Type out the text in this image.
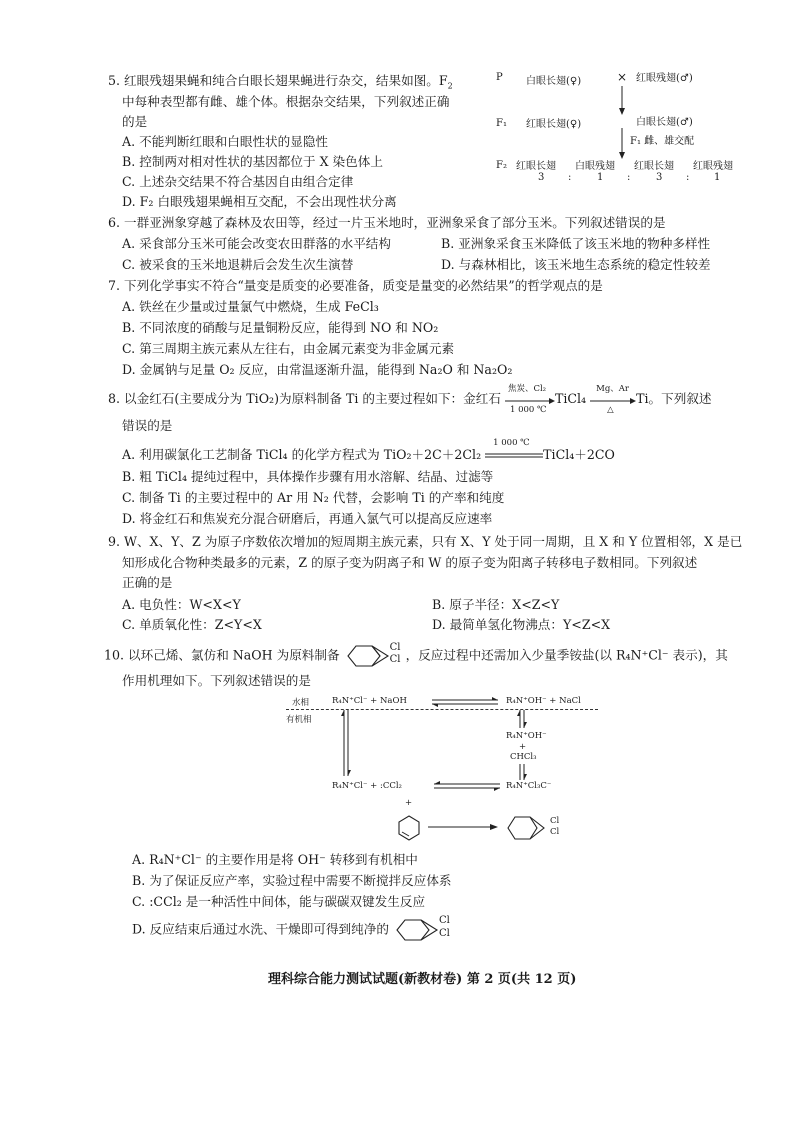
5. 红眼残翅果蝇和纯合白眼长翅果蝇进行杂交，结果如图。$F_2$
中每种表型都有雌、雄个体。根据杂交结果，下列叙述正确
的是
A. 不能判断红眼和白眼性状的显隐性
B. 控制两对相对性状的基因都位于 X 染色体上
C. 上述杂交结果不符合基因自由组合定律
D. F₂ 白眼残翅果蝇相互交配，不会出现性状分离
P 白眼长翅(♀)	× 红眼残翅(♂)
F₁ 红眼长翅(♀)	白眼长翅(♂)
F₁ 雌、雄交配
F₂ 红眼长翅 白眼残翅 红眼长翅 红眼残翅
3 :	1 :	3 : 1
6. 一群亚洲象穿越了森林及农田等，经过一片玉米地时，亚洲象采食了部分玉米。下列叙述错误的是
A. 采食部分玉米可能会改变农田群落的水平结构	B. 亚洲象采食玉米降低了该玉米地的物种多样性
C. 被采食的玉米地退耕后会发生次生演替	D. 与森林相比，该玉米地生态系统的稳定性较差
7. 下列化学事实不符合“量变是质变的必要准备，质变是量变的必然结果”的哲学观点的是
A. 铁丝在少量或过量氯气中燃烧，生成 FeCl₃
B. 不同浓度的硝酸与足量铜粉反应，能得到 NO 和 NO₂
C. 第三周期主族元素从左往右，由金属元素变为非金属元素
D. 金属钠与足量 O₂ 反应，由常温逐渐升温，能得到 Na₂O 和 Na₂O₂
8. 以金红石(主要成分为 TiO₂)为原料制备 Ti 的主要过程如下：金红石
焦炭、Cl₂
1 000 ℃
TiCl₄
Mg、Ar
△
Ti。下列叙述
错误的是
A. 利用碳氯化工艺制备 TiCl₄ 的化学方程式为 TiO₂＋2C＋2Cl₂
1 000 ℃
TiCl₄＋2CO
B. 粗 TiCl₄ 提纯过程中，具体操作步骤有用水溶解、结晶、过滤等
C. 制备 Ti 的主要过程中的 Ar 用 N₂ 代替，会影响 Ti 的产率和纯度
D. 将金红石和焦炭充分混合研磨后，再通入氯气可以提高反应速率
9. W、X、Y、Z 为原子序数依次增加的短周期主族元素，只有 X、Y 处于同一周期，且 X 和 Y 位置相邻，X 是已
知形成化合物种类最多的元素，Z 的原子变为阴离子和 W 的原子变为阳离子转移电子数相同。下列叙述
正确的是
A. 电负性：W<X<Y	B. 原子半径：X<Z<Y
C. 单质氧化性：Z<Y<X	D. 最简单氢化物沸点：Y<Z<X
10. 以环己烯、氯仿和 NaOH 为原料制备	Cl
Cl ，反应过程中还需加入少量季铵盐(以 R₄N⁺Cl⁻ 表示)，其
作用机理如下。下列叙述错误的是
水相
有机相
R₄N⁺Cl⁻ + NaOH	R₄N⁺OH⁻ + NaCl
R₄N⁺OH⁻
+
CHCl₃
R₄N⁺Cl⁻ + :CCl₂	R₄N⁺Cl₃C⁻
+
Cl
Cl
A. R₄N⁺Cl⁻ 的主要作用是将 OH⁻ 转移到有机相中
B. 为了保证反应产率，实验过程中需要不断搅拌反应体系
C. :CCl₂ 是一种活性中间体，能与碳碳双键发生反应
D. 反应结束后通过水洗、干燥即可得到纯净的
Cl
Cl
理科综合能力测试试题(新教材卷) 第 2 页(共 12 页)
